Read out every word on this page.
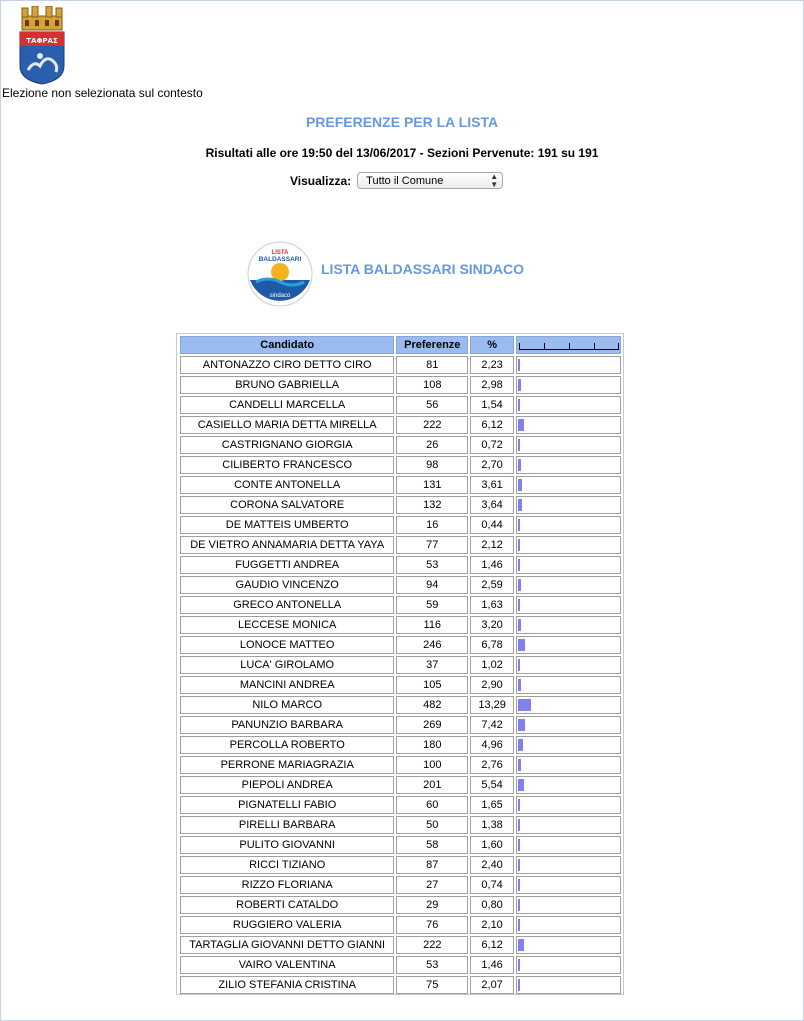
ΤΑΦΡΑΣ
Elezione non selezionata sul contesto
PREFERENZE PER LA LISTA
Risultati alle ore 19:50 del 13/06/2017 - Sezioni Pervenute: 191 su 191
Visualizza: Tutto il Comune	▲
▼
LISTA
BALDASSARI
sindaco
LISTA BALDASSARI SINDACO
Candidato	Preferenze	%	

ANTONAZZO CIRO DETTO CIRO	81	2,23	
BRUNO GABRIELLA	108	2,98	
CANDELLI MARCELLA	56	1,54	
CASIELLO MARIA DETTA MIRELLA	222	6,12	
CASTRIGNANO GIORGIA	26	0,72	
CILIBERTO FRANCESCO	98	2,70	
CONTE ANTONELLA	131	3,61	
CORONA SALVATORE	132	3,64	
DE MATTEIS UMBERTO	16	0,44	
DE VIETRO ANNAMARIA DETTA YAYA	77	2,12	
FUGGETTI ANDREA	53	1,46	
GAUDIO VINCENZO	94	2,59	
GRECO ANTONELLA	59	1,63	
LECCESE MONICA	116	3,20	
LONOCE MATTEO	246	6,78	
LUCA' GIROLAMO	37	1,02	
MANCINI ANDREA	105	2,90	
NILO MARCO	482	13,29	
PANUNZIO BARBARA	269	7,42	
PERCOLLA ROBERTO	180	4,96	
PERRONE MARIAGRAZIA	100	2,76	
PIEPOLI ANDREA	201	5,54	
PIGNATELLI FABIO	60	1,65	
PIRELLI BARBARA	50	1,38	
PULITO GIOVANNI	58	1,60	
RICCI TIZIANO	87	2,40	
RIZZO FLORIANA	27	0,74	
ROBERTI CATALDO	29	0,80	
RUGGIERO VALERIA	76	2,10	
TARTAGLIA GIOVANNI DETTO GIANNI	222	6,12	
VAIRO VALENTINA	53	1,46	
ZILIO STEFANIA CRISTINA	75	2,07	
